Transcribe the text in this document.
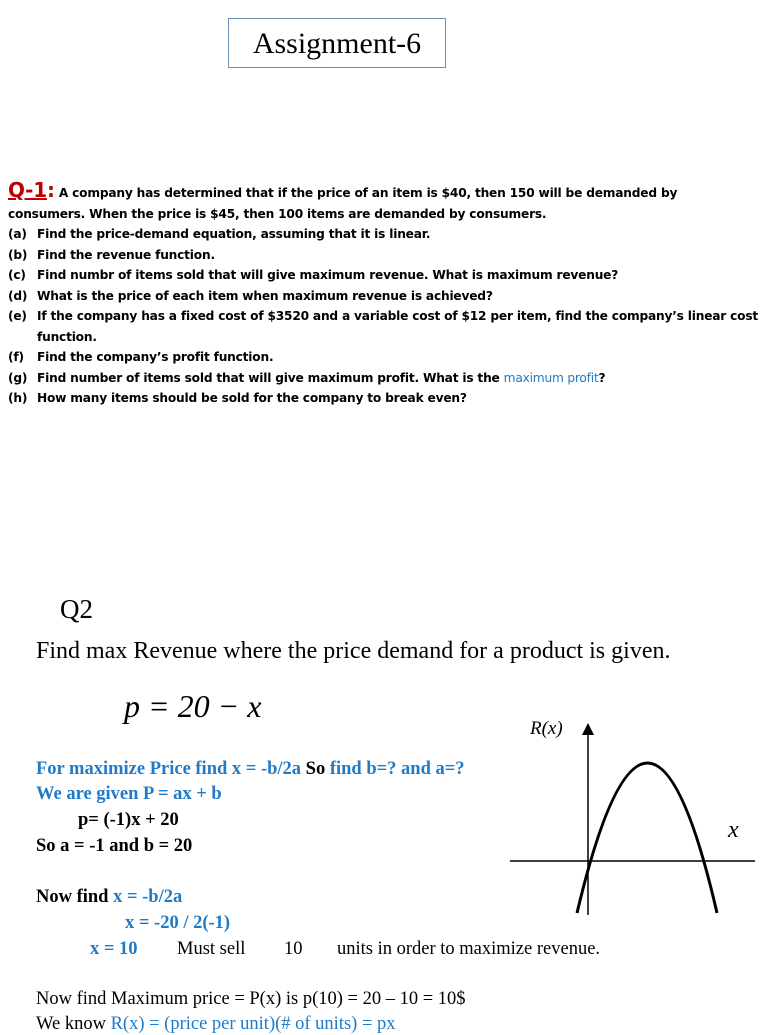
Assignment-6
Q-1: A company has determined that if the price of an item is $40, then 150 will be demanded by
consumers. When the price is $45, then 100 items are demanded by consumers.
(a) Find the price-demand equation, assuming that it is linear.
(b) Find the revenue function.
(c) Find numbr of items sold that will give maximum revenue. What is maximum revenue?
(d) What is the price of each item when maximum revenue is achieved?
(e) If the company has a fixed cost of $3520 and a variable cost of $12 per item, find the company’s linear cost function.
(f) Find the company’s profit function.
(g) Find number of items sold that will give maximum profit. What is the maximum profit?
(h) How many items should be sold for the company to break even?
Q2
Find max Revenue where the price demand for a product is given.
p = 20 − x
R(x)
x
For maximize Price find x = -b/2a So find b=? and a=?
We are given P = ax + b
p= (-1)x + 20
So a = -1 and b = 20
Now find x = -b/2a
x = -20 / 2(-1)
x = 10 Must sell 10 units in order to maximize revenue.
Now find Maximum price = P(x) is p(10) = 20 – 10 = 10$
We know R(x) = (price per unit)(# of units) = px
